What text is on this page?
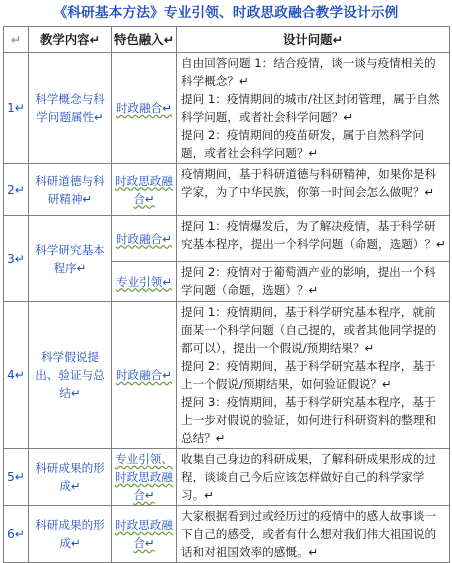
《科研基本方法》专业引领、时政思政融合教学设计示例
↵	教学内容↵	特色融入↵	设计问题↵
1↵	科学概念与科学问题属性↵	时政融合↵	自由回答问题 1：结合疫情，谈一谈与疫情相关的科学概念？↵

提问 1：疫情期间的城市/社区封闭管理，属于自然科学问题，或者社会科学问题？↵

提问 2：疫情期间的疫苗研发，属于自然科学问题，或者社会科学问题？↵

2↵	科研道德与科研精神↵	时政思政融合↵	疫情期间，基于科研道德与科研精神，如果你是科学家，为了中华民族，你第一时间会怎么做呢？↵

3↵	科学研究基本程序↵	时政融合↵	提问 1：疫情爆发后，为了解决疫情，基于科学研究基本程序，提出一个科学问题（命题，选题）？↵

		专业引领↵	提问 2：疫情对于葡萄酒产业的影响，提出一个科学问题（命题，选题）？↵

4↵	科学假说提出、验证与总结↵	时政融合↵	提问 1：疫情期间，基于科学研究基本程序，就前面某一个科学问题（自己提的，或者其他同学提的都可以），提出一个假说/预期结果？↵

提问 2：疫情期间，基于科学研究基本程序，基于上一个假说/预期结果，如何验证假说？↵

提问 3：疫情期间，基于科学研究基本程序，基于上一步对假说的验证，如何进行科研资料的整理和总结？↵

5↵	科研成果的形成↵	专业引领、时政思政融合↵	收集自己身边的科研成果，了解科研成果形成的过程，谈谈自己今后应该怎样做好自己的科学家学习。↵

6↵	科研成果的形成↵	时政思政融合↵	大家根据看到过或经历过的疫情中的感人故事谈一下自己的感受，或者有什么想对我们伟大祖国说的话和对祖国效率的感慨。↵
